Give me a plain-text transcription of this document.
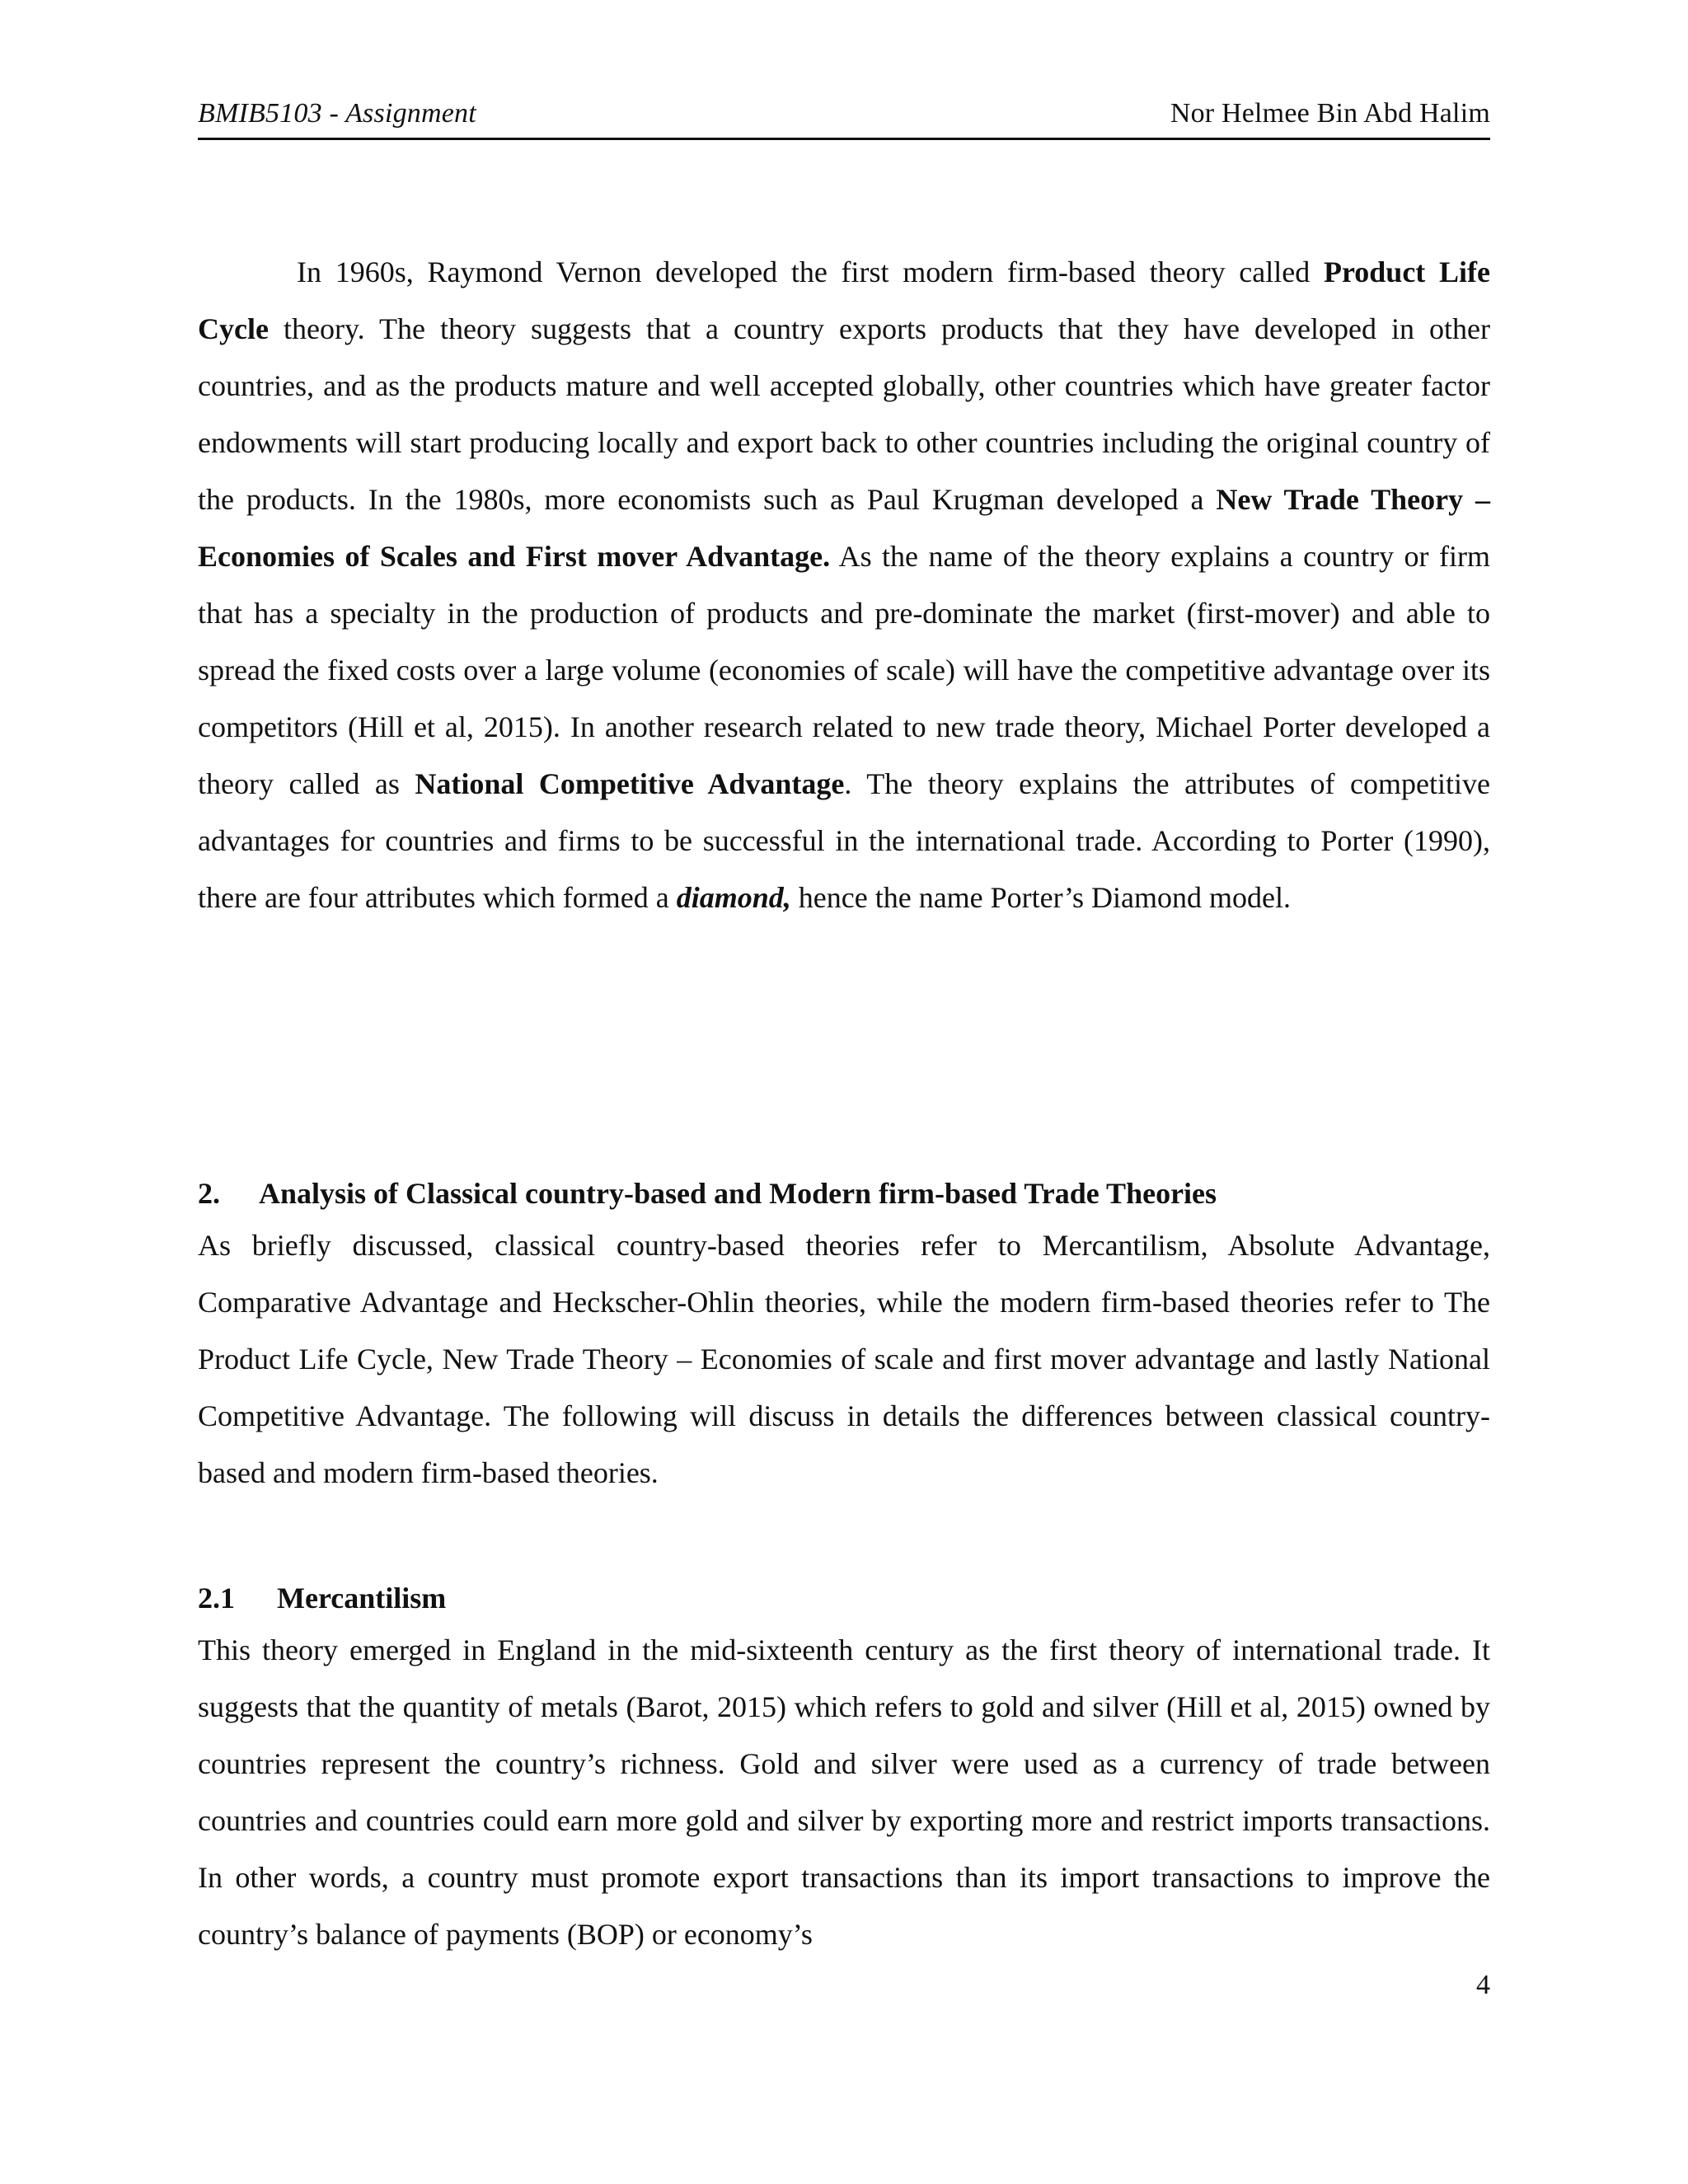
BMIB5103 - Assignment	Nor Helmee Bin Abd Halim
In 1960s, Raymond Vernon developed the first modern firm-based theory called Product Life Cycle theory. The theory suggests that a country exports products that they have developed in other countries, and as the products mature and well accepted globally, other countries which have greater factor endowments will start producing locally and export back to other countries including the original country of the products. In the 1980s, more economists such as Paul Krugman developed a New Trade Theory – Economies of Scales and First mover Advantage. As the name of the theory explains a country or firm that has a specialty in the production of products and pre-dominate the market (first-mover) and able to spread the fixed costs over a large volume (economies of scale) will have the competitive advantage over its competitors (Hill et al, 2015). In another research related to new trade theory, Michael Porter developed a theory called as National Competitive Advantage. The theory explains the attributes of competitive advantages for countries and firms to be successful in the international trade. According to Porter (1990), there are four attributes which formed a diamond, hence the name Porter’s Diamond model.
2. Analysis of Classical country-based and Modern firm-based Trade Theories
As briefly discussed, classical country-based theories refer to Mercantilism, Absolute Advantage, Comparative Advantage and Heckscher-Ohlin theories, while the modern firm-based theories refer to The Product Life Cycle, New Trade Theory – Economies of scale and first mover advantage and lastly National Competitive Advantage. The following will discuss in details the differences between classical country-based and modern firm-based theories.
2.1 Mercantilism
This theory emerged in England in the mid-sixteenth century as the first theory of international trade. It suggests that the quantity of metals (Barot, 2015) which refers to gold and silver (Hill et al, 2015) owned by countries represent the country’s richness. Gold and silver were used as a currency of trade between countries and countries could earn more gold and silver by exporting more and restrict imports transactions. In other words, a country must promote export transactions than its import transactions to improve the country’s balance of payments (BOP) or economy’s
4
